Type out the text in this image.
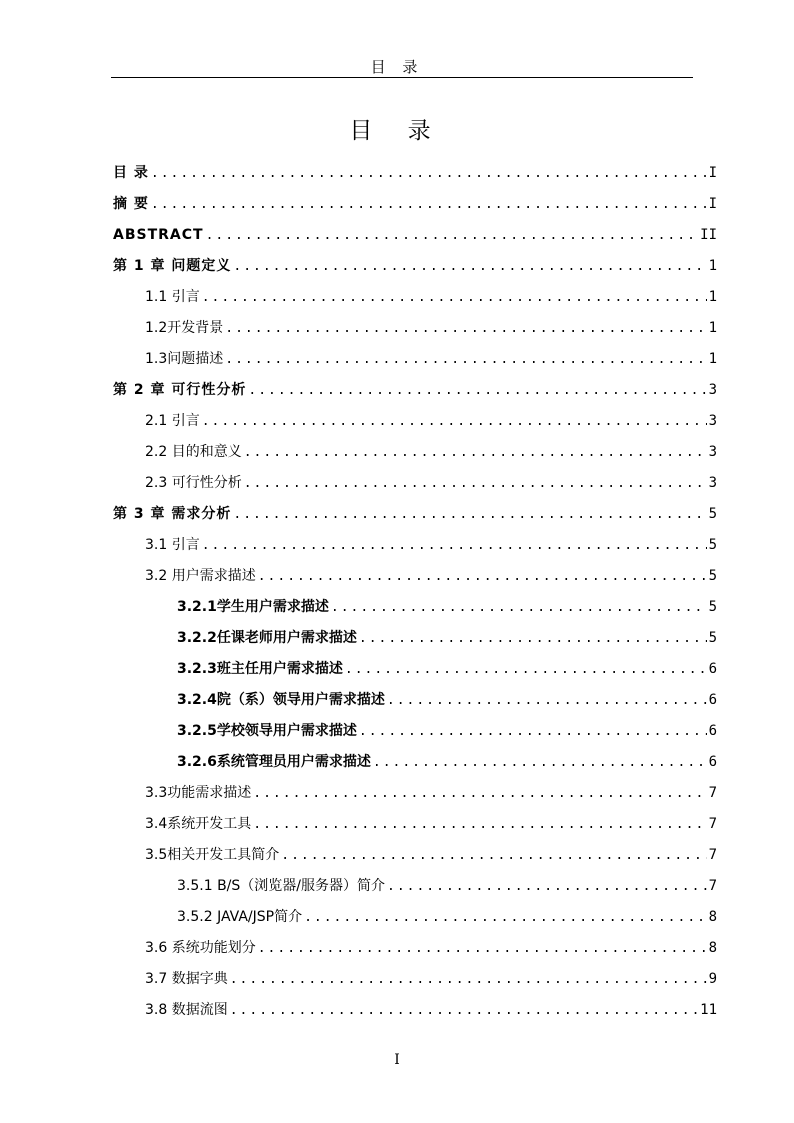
目 录
目 录
目 录 .....	I
摘 要 .....	I
ABSTRACT .....	II
第 1 章 问题定义 .....	1
1.1 引言 .....	1
1.2开发背景 .....	1
1.3问题描述 .....	1
第 2 章 可行性分析 .....	3
2.1 引言 .....	3
2.2 目的和意义 .....	3
2.3 可行性分析 .....	3
第 3 章 需求分析 .....	5
3.1 引言 .....	5
3.2 用户需求描述 .....	5
3.2.1学生用户需求描述 .....	5
3.2.2任课老师用户需求描述 .....	5
3.2.3班主任用户需求描述 .....	6
3.2.4院（系）领导用户需求描述 .....	6
3.2.5学校领导用户需求描述 .....	6
3.2.6系统管理员用户需求描述 .....	6
3.3功能需求描述 .....	7
3.4系统开发工具 .....	7
3.5相关开发工具简介 .....	7
3.5.1 B/S（浏览器/服务器）简介 .....	7
3.5.2 JAVA/JSP简介 .....	8
3.6 系统功能划分 .....	8
3.7 数据字典 .....	9
3.8 数据流图 .....	11
I
